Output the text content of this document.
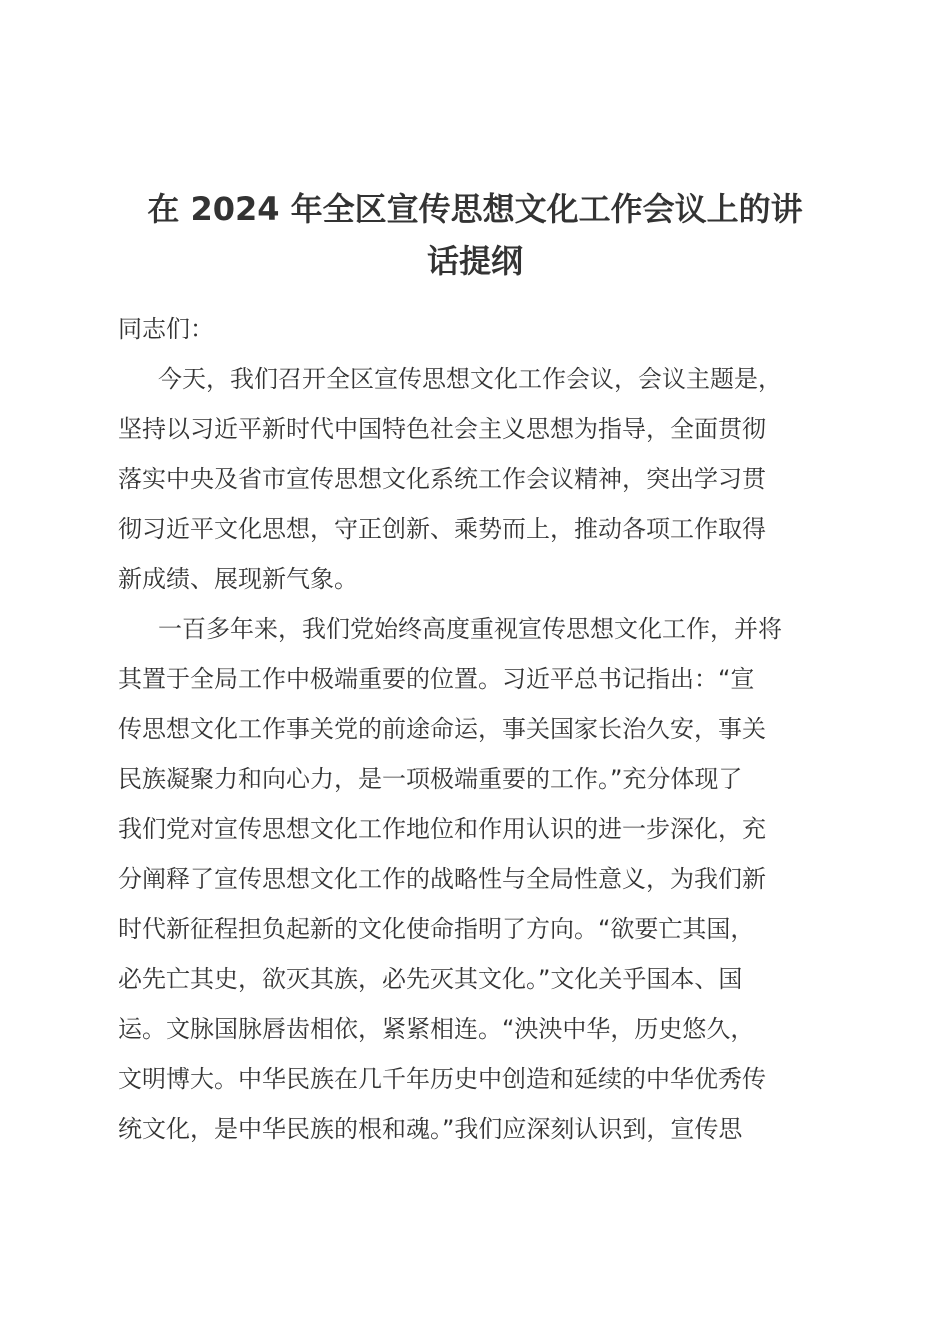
在 2024 年全区宣传思想文化工作会议上的讲
话提纲

同志们：

今天，我们召开全区宣传思想文化工作会议，会议主题是，
坚持以习近平新时代中国特色社会主义思想为指导，全面贯彻
落实中央及省市宣传思想文化系统工作会议精神，突出学习贯
彻习近平文化思想，守正创新、乘势而上，推动各项工作取得
新成绩、展现新气象。

一百多年来，我们党始终高度重视宣传思想文化工作，并将
其置于全局工作中极端重要的位置。习近平总书记指出：“宣
传思想文化工作事关党的前途命运，事关国家长治久安，事关
民族凝聚力和向心力，是一项极端重要的工作。”充分体现了
我们党对宣传思想文化工作地位和作用认识的进一步深化，充
分阐释了宣传思想文化工作的战略性与全局性意义，为我们新
时代新征程担负起新的文化使命指明了方向。“欲要亡其国，
必先亡其史，欲灭其族，必先灭其文化。”文化关乎国本、国
运。文脉国脉唇齿相依，紧紧相连。“泱泱中华，历史悠久，
文明博大。中华民族在几千年历史中创造和延续的中华优秀传
统文化，是中华民族的根和魂。”我们应深刻认识到，宣传思
